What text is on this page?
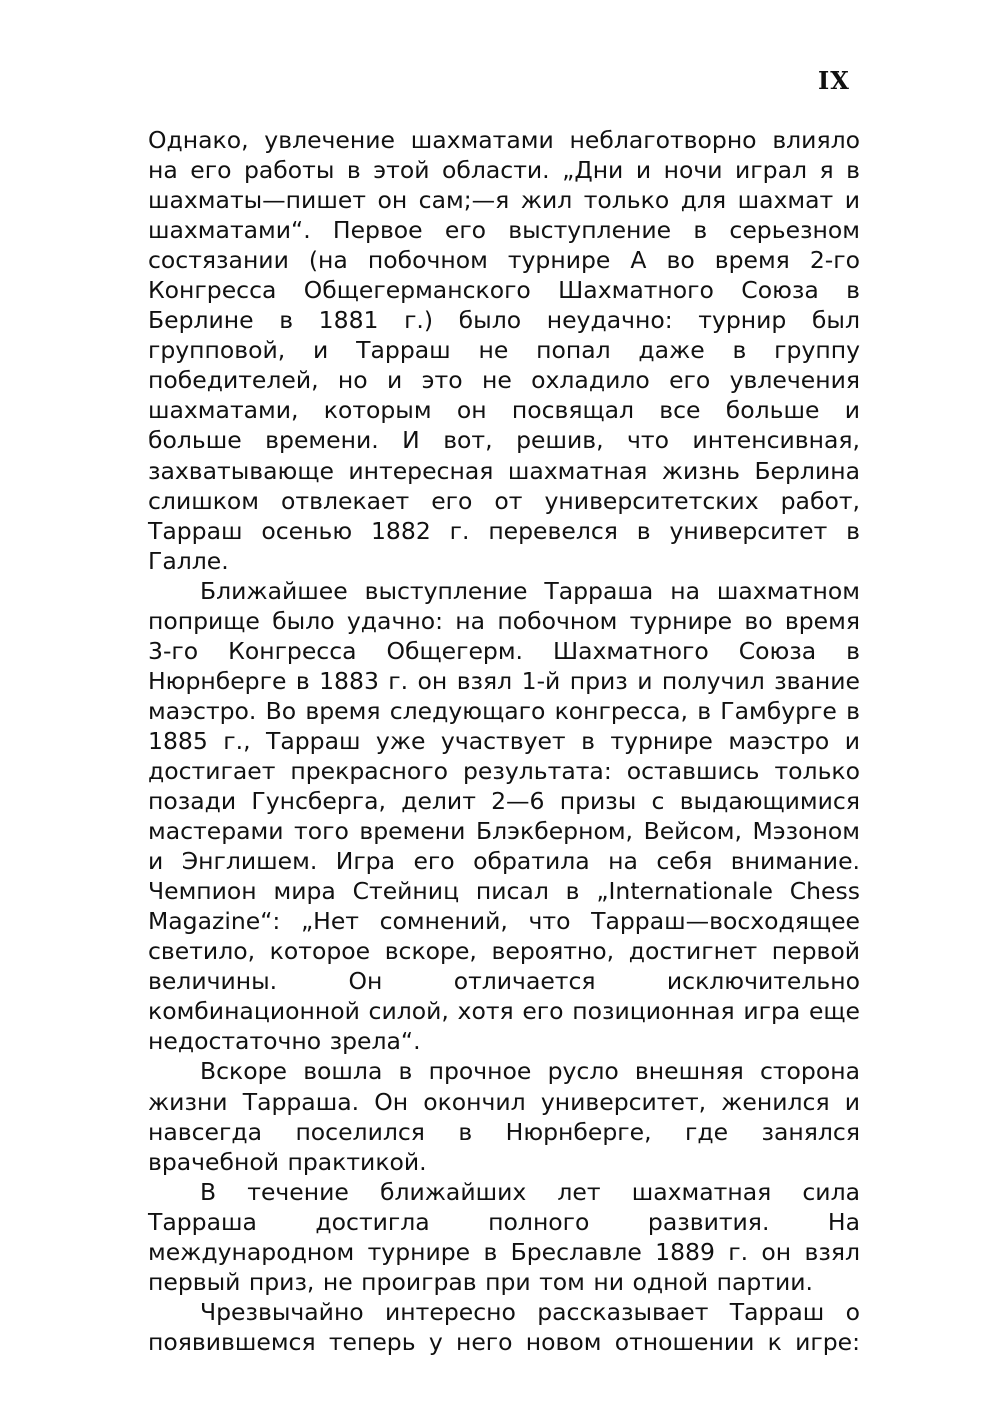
IX

Однако, увлечение шахматами неблаготворно влияло на его работы в этой области. „Дни и ночи играл я в шахматы—пишет он сам;—я жил только для шахмат и шахматами“. Первое его выступление в серьезном состязании (на побочном турнире А во время 2-го Конгресса Общегерманского Шахматного Союза в Берлине в 1881 г.) было неудачно: турнир был групповой, и Тарраш не попал даже в группу победителей, но и это не охладило его увлечения шахматами, которым он посвящал все больше и больше времени. И вот, решив, что интенсивная, захватывающе интересная шахматная жизнь Берлина слишком отвлекает его от университетских работ, Тарраш осенью 1882 г. перевелся в университет в Галле.

Ближайшее выступление Тарраша на шахматном поприще было удачно: на побочном турнире во время 3-го Конгресса Общегерм. Шахматного Союза в Нюрнберге в 1883 г. он взял 1-й приз и получил звание маэстро. Во время следующаго конгресса, в Гамбурге в 1885 г., Тарраш уже участвует в турнире маэстро и достигает прекрасного результата: оставшись только позади Гунсберга, делит 2—6 призы с выдающимися мастерами того времени Блэкберном, Вейсом, Мэзоном и Энглишем. Игра его обратила на себя внимание. Чемпион мира Стейниц писал в „Internationale Chess Magazine“: „Нет сомнений, что Тарраш—восходящее светило, которое вскоре, вероятно, достигнет первой величины. Он отличается исключительно комбинационной силой, хотя его позиционная игра еще недостаточно зрела“.

Вскоре вошла в прочное русло внешняя сторона жизни Тарраша. Он окончил университет, женился и навсегда поселился в Нюрнберге, где занялся врачебной практикой.

В течение ближайших лет шахматная сила Тарраша достигла полного развития. На международном турнире в Бреславле 1889 г. он взял первый приз, не проиграв при том ни одной партии.

Чрезвычайно интересно рассказывает Тарраш о появившемся теперь у него новом отношении к игре:
